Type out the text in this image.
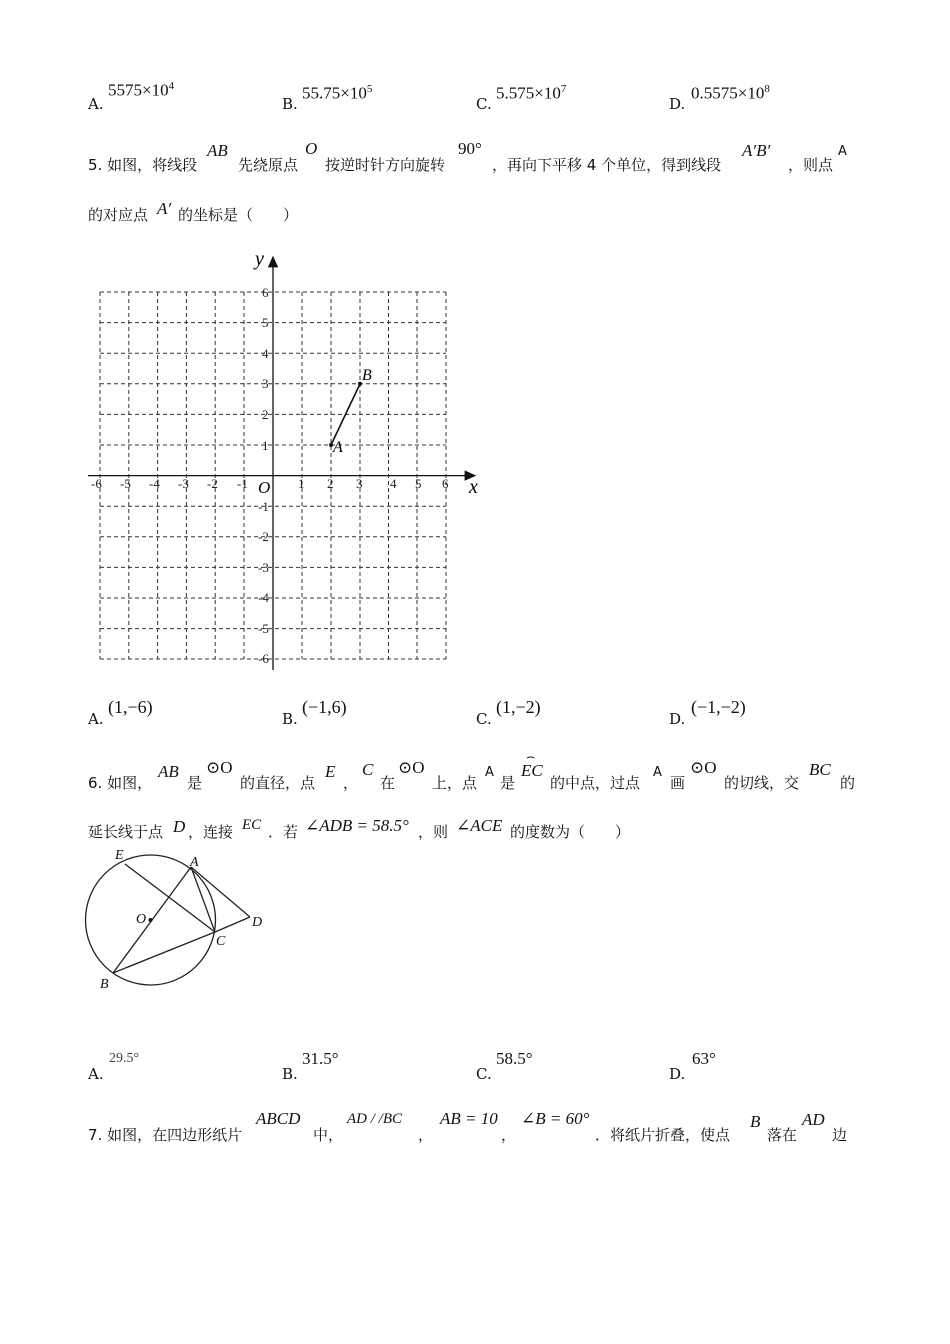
A.
$5575\times 10^4$
B.
$55.75\times 10^5$
C.
$5.575\times 10^7$
D.
$0.5575\times 10^8$
5. 如图，将线段
AB
先绕原点
O
按逆时针方向旋转
90°
，再向下平移 4 个单位，得到线段
A′B′
，则点
A
的对应点 A′ 的坐标是（　　）
y
x
O
-6 -5 -4 -3 -2 -1	1 2 3 4 5 6
6
5
4
3
2
1
-1
-2
-3
-4
-5
-6
A
B
A.
(1,−6)
B.
(−1,6)
C.
(1,−2)
D.
(−1,−2)
6. 如图，
AB
是
⊙O
的直径，点
E
，
C
在
⊙O
上，点
A
是
⌢
EC
的中点，过点
A
画
⊙O
的切线，交
BC
的
延长线于点 D ，连接 EC ．若 ∠ADB = 58.5° ，则 ∠ACE 的度数为（　　）
E	A
O	D
C
B
A.
29.5°
B.
31.5°
C.
58.5°
D.
63°
7. 如图，在四边形纸片
ABCD
中，
AD / /BC
，
AB = 10
，
∠B = 60°
．将纸片折叠，使点
B
落在
AD
边
